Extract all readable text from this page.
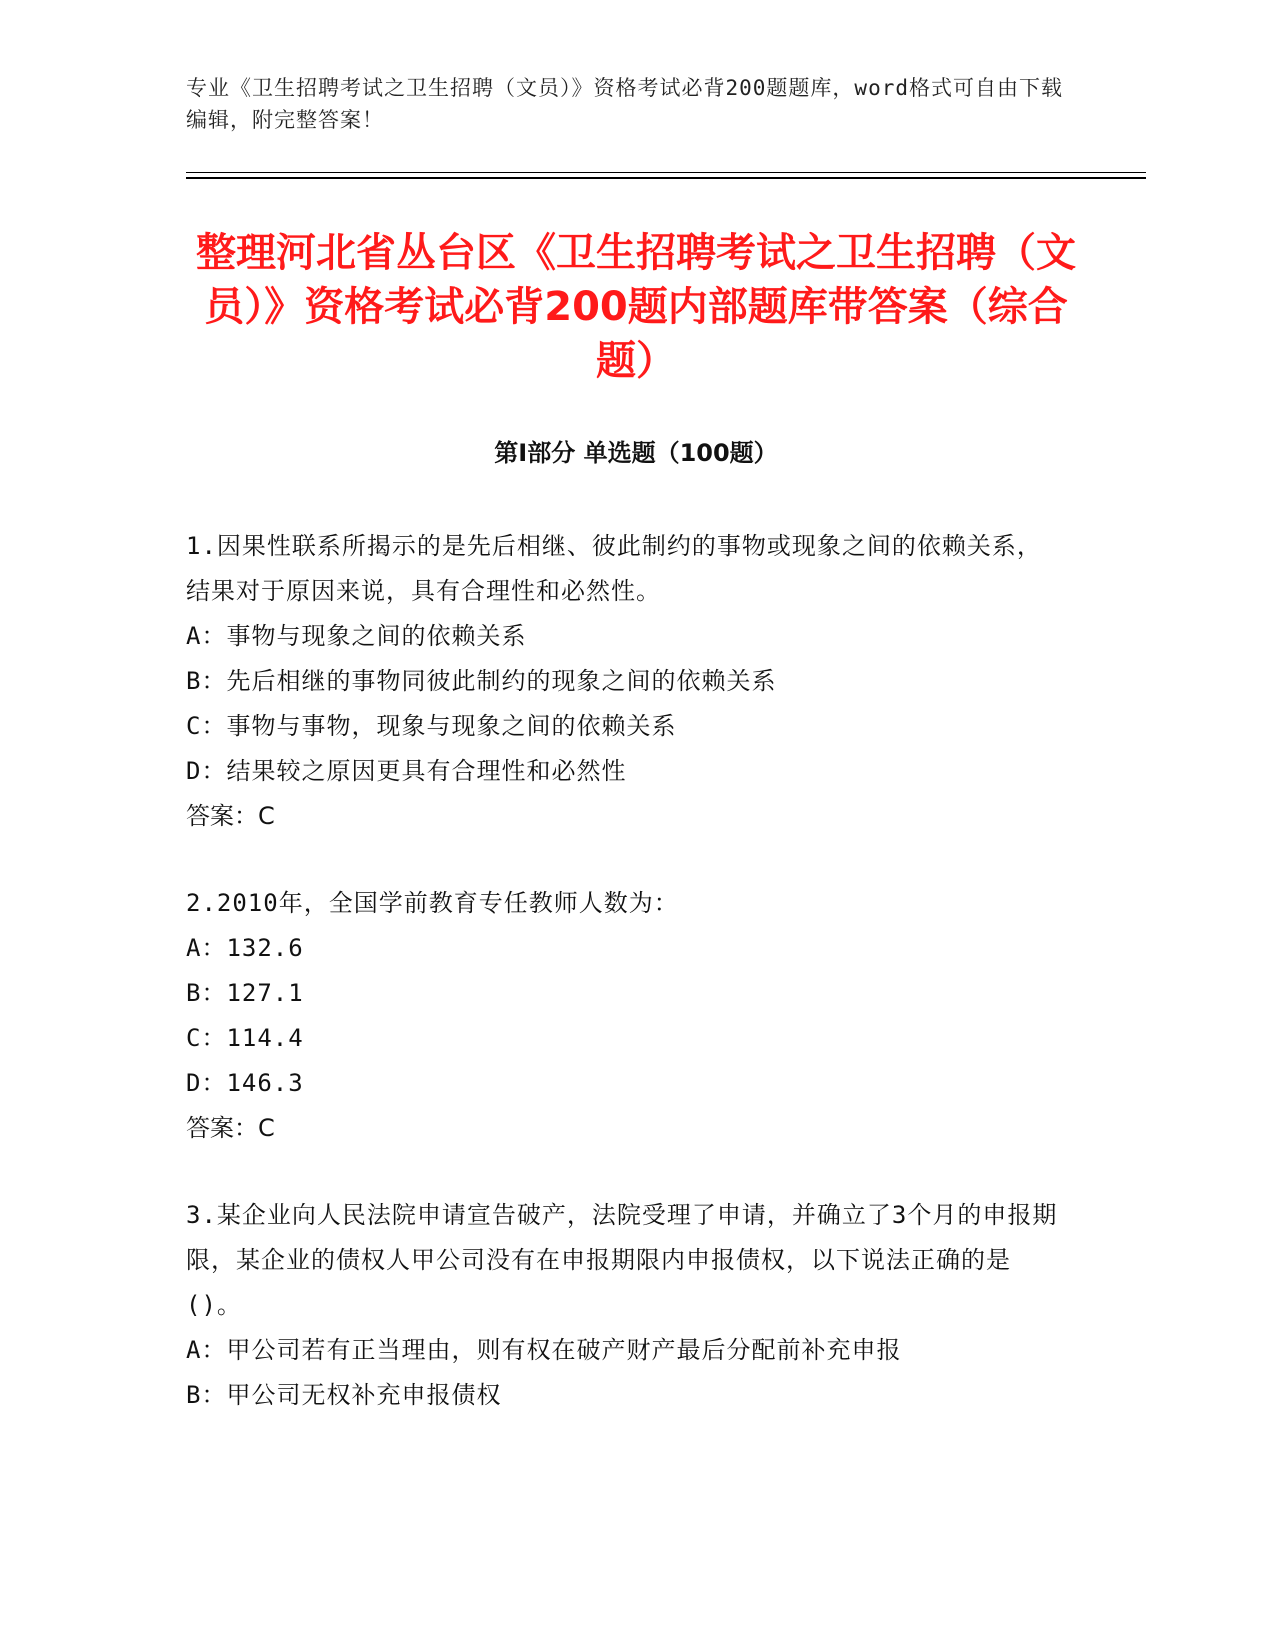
专业《卫生招聘考试之卫生招聘（文员）》资格考试必背200题题库，word格式可自由下载编辑，附完整答案！
整理河北省丛台区《卫生招聘考试之卫生招聘（文员）》资格考试必背200题内部题库带答案（综合题）
第Ⅰ部分 单选题（100题）
1.因果性联系所揭示的是先后相继、彼此制约的事物或现象之间的依赖关系，结果对于原因来说，具有合理性和必然性。
A：事物与现象之间的依赖关系
B：先后相继的事物同彼此制约的现象之间的依赖关系
C：事物与事物，现象与现象之间的依赖关系
D：结果较之原因更具有合理性和必然性
答案：C
2.2010年，全国学前教育专任教师人数为：
A：132.6
B：127.1
C：114.4
D：146.3
答案：C
3.某企业向人民法院申请宣告破产，法院受理了申请，并确立了3个月的申报期限，某企业的债权人甲公司没有在申报期限内申报债权，以下说法正确的是()。
A：甲公司若有正当理由，则有权在破产财产最后分配前补充申报
B：甲公司无权补充申报债权
